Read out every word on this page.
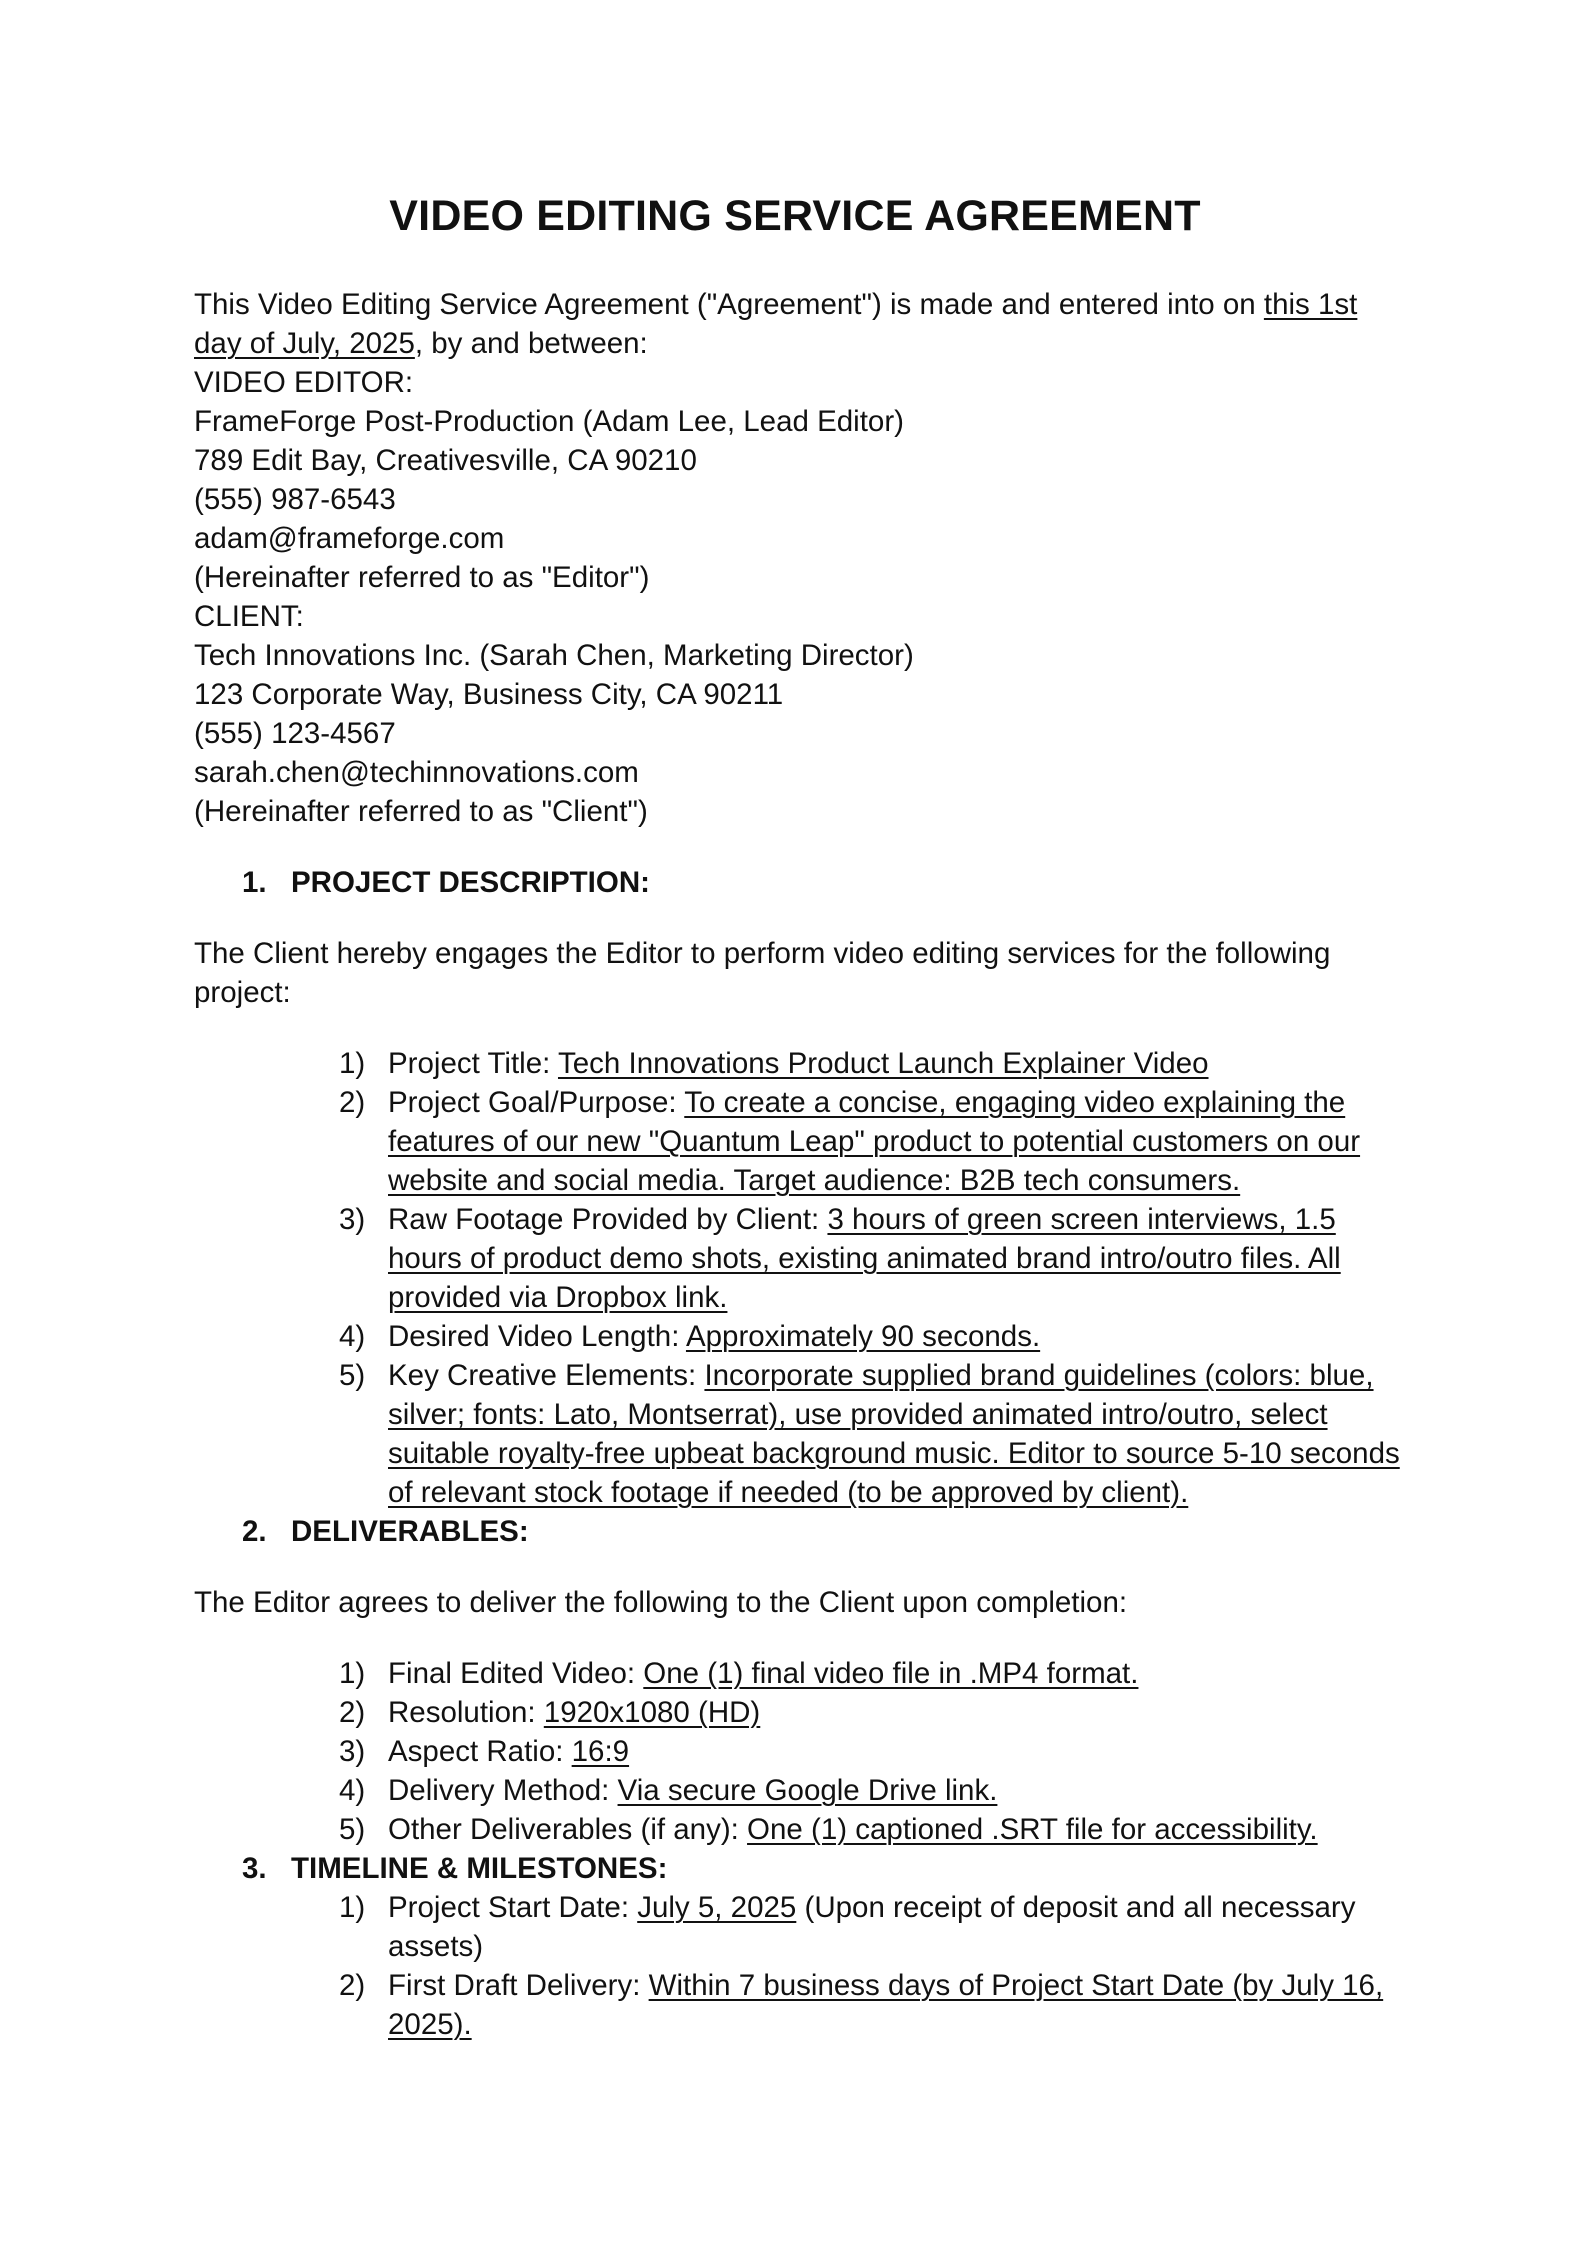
VIDEO EDITING SERVICE AGREEMENT
This Video Editing Service Agreement ("Agreement") is made and entered into on this 1st
day of July, 2025, by and between:
VIDEO EDITOR:
FrameForge Post-Production (Adam Lee, Lead Editor)
789 Edit Bay, Creativesville, CA 90210
(555) 987-6543
adam@frameforge.com
(Hereinafter referred to as "Editor")
CLIENT:
Tech Innovations Inc. (Sarah Chen, Marketing Director)
123 Corporate Way, Business City, CA 90211
(555) 123-4567
sarah.chen@techinnovations.com
(Hereinafter referred to as "Client")
1. PROJECT DESCRIPTION:
The Client hereby engages the Editor to perform video editing services for the following
project:
1) Project Title: Tech Innovations Product Launch Explainer Video
2) Project Goal/Purpose: To create a concise, engaging video explaining the
features of our new "Quantum Leap" product to potential customers on our
website and social media. Target audience: B2B tech consumers.
3) Raw Footage Provided by Client: 3 hours of green screen interviews, 1.5
hours of product demo shots, existing animated brand intro/outro files. All
provided via Dropbox link.
4) Desired Video Length: Approximately 90 seconds.
5) Key Creative Elements: Incorporate supplied brand guidelines (colors: blue,
silver; fonts: Lato, Montserrat), use provided animated intro/outro, select
suitable royalty-free upbeat background music. Editor to source 5-10 seconds
of relevant stock footage if needed (to be approved by client).
2. DELIVERABLES:
The Editor agrees to deliver the following to the Client upon completion:
1) Final Edited Video: One (1) final video file in .MP4 format.
2) Resolution: 1920x1080 (HD)
3) Aspect Ratio: 16:9
4) Delivery Method: Via secure Google Drive link.
5) Other Deliverables (if any): One (1) captioned .SRT file for accessibility.
3. TIMELINE & MILESTONES:
1) Project Start Date: July 5, 2025 (Upon receipt of deposit and all necessary
assets)
2) First Draft Delivery: Within 7 business days of Project Start Date (by July 16,
2025).
